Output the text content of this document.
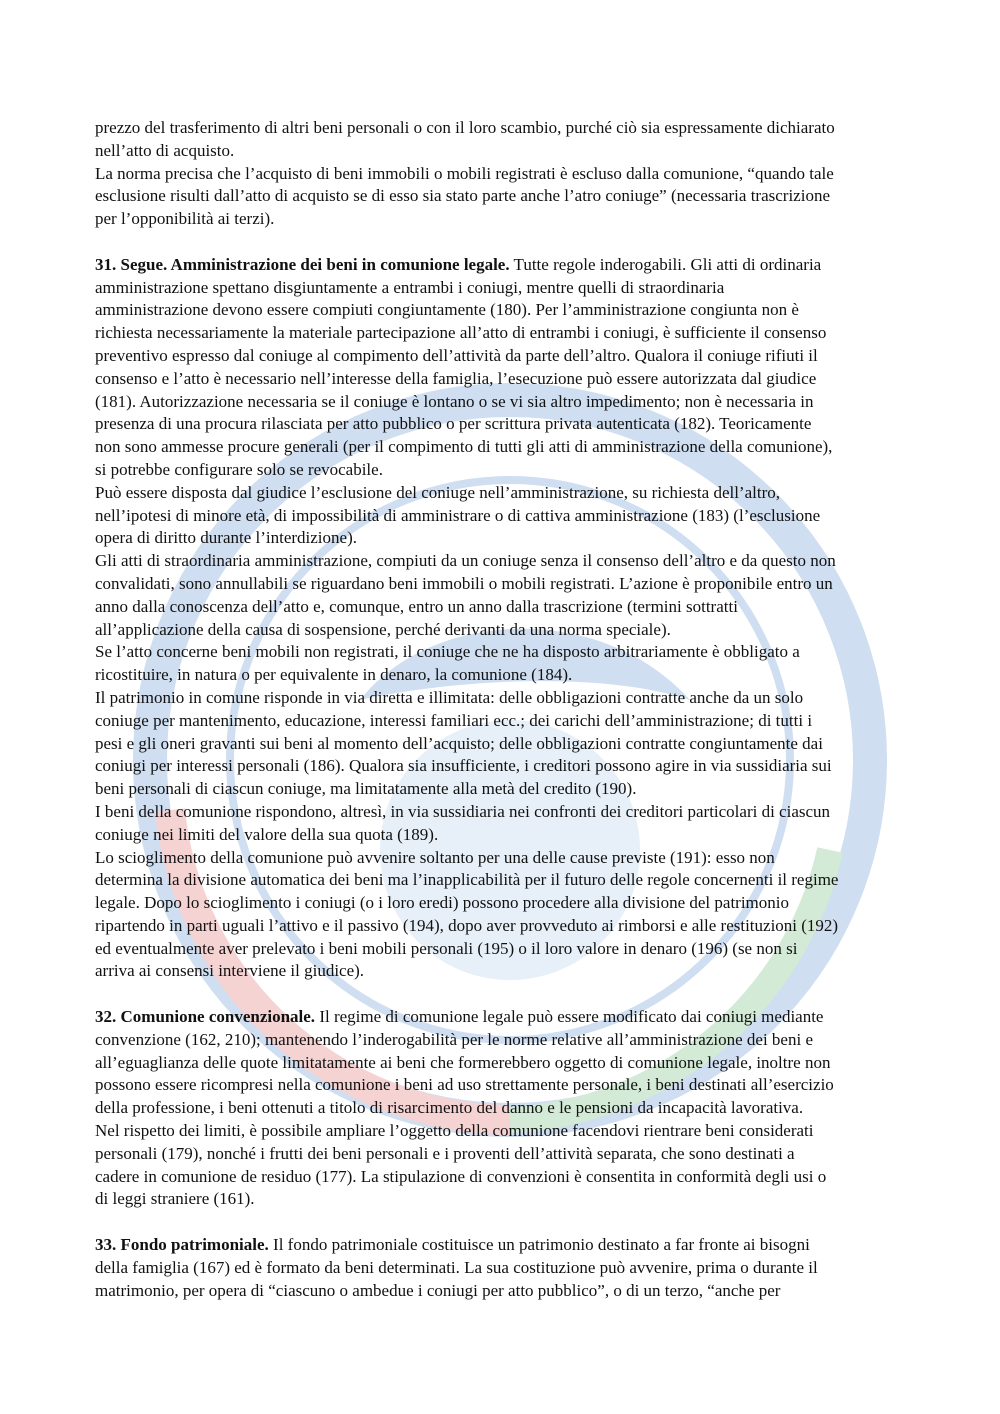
prezzo del trasferimento di altri beni personali o con il loro scambio, purché ciò sia espressamente dichiarato

nell’atto di acquisto.

La norma precisa che l’acquisto di beni immobili o mobili registrati è escluso dalla comunione, “quando tale

esclusione risulti dall’atto di acquisto se di esso sia stato parte anche l’atro coniuge” (necessaria trascrizione

per l’opponibilità ai terzi).

31. Segue. Amministrazione dei beni in comunione legale. Tutte regole inderogabili. Gli atti di ordinaria

amministrazione spettano disgiuntamente a entrambi i coniugi, mentre quelli di straordinaria

amministrazione devono essere compiuti congiuntamente (180). Per l’amministrazione congiunta non è

richiesta necessariamente la materiale partecipazione all’atto di entrambi i coniugi, è sufficiente il consenso

preventivo espresso dal coniuge al compimento dell’attività da parte dell’altro. Qualora il coniuge rifiuti il

consenso e l’atto è necessario nell’interesse della famiglia, l’esecuzione può essere autorizzata dal giudice

(181). Autorizzazione necessaria se il coniuge è lontano o se vi sia altro impedimento; non è necessaria in

presenza di una procura rilasciata per atto pubblico o per scrittura privata autenticata (182). Teoricamente

non sono ammesse procure generali (per il compimento di tutti gli atti di amministrazione della comunione),

si potrebbe configurare solo se revocabile.

Può essere disposta dal giudice l’esclusione del coniuge nell’amministrazione, su richiesta dell’altro,

nell’ipotesi di minore età, di impossibilità di amministrare o di cattiva amministrazione (183) (l’esclusione

opera di diritto durante l’interdizione).

Gli atti di straordinaria amministrazione, compiuti da un coniuge senza il consenso dell’altro e da questo non

convalidati, sono annullabili se riguardano beni immobili o mobili registrati. L’azione è proponibile entro un

anno dalla conoscenza dell’atto e, comunque, entro un anno dalla trascrizione (termini sottratti

all’applicazione della causa di sospensione, perché derivanti da una norma speciale).

Se l’atto concerne beni mobili non registrati, il coniuge che ne ha disposto arbitrariamente è obbligato a

ricostituire, in natura o per equivalente in denaro, la comunione (184).

Il patrimonio in comune risponde in via diretta e illimitata: delle obbligazioni contratte anche da un solo

coniuge per mantenimento, educazione, interessi familiari ecc.; dei carichi dell’amministrazione; di tutti i

pesi e gli oneri gravanti sui beni al momento dell’acquisto; delle obbligazioni contratte congiuntamente dai

coniugi per interessi personali (186). Qualora sia insufficiente, i creditori possono agire in via sussidiaria sui

beni personali di ciascun coniuge, ma limitatamente alla metà del credito (190).

I beni della comunione rispondono, altresì, in via sussidiaria nei confronti dei creditori particolari di ciascun

coniuge nei limiti del valore della sua quota (189).

Lo scioglimento della comunione può avvenire soltanto per una delle cause previste (191): esso non

determina la divisione automatica dei beni ma l’inapplicabilità per il futuro delle regole concernenti il regime

legale. Dopo lo scioglimento i coniugi (o i loro eredi) possono procedere alla divisione del patrimonio

ripartendo in parti uguali l’attivo e il passivo (194), dopo aver provveduto ai rimborsi e alle restituzioni (192)

ed eventualmente aver prelevato i beni mobili personali (195) o il loro valore in denaro (196) (se non si

arriva ai consensi interviene il giudice).

32. Comunione convenzionale. Il regime di comunione legale può essere modificato dai coniugi mediante

convenzione (162, 210); mantenendo l’inderogabilità per le norme relative all’amministrazione dei beni e

all’eguaglianza delle quote limitatamente ai beni che formerebbero oggetto di comunione legale, inoltre non

possono essere ricompresi nella comunione i beni ad uso strettamente personale, i beni destinati all’esercizio

della professione, i beni ottenuti a titolo di risarcimento del danno e le pensioni da incapacità lavorativa.

Nel rispetto dei limiti, è possibile ampliare l’oggetto della comunione facendovi rientrare beni considerati

personali (179), nonché i frutti dei beni personali e i proventi dell’attività separata, che sono destinati a

cadere in comunione de residuo (177). La stipulazione di convenzioni è consentita in conformità degli usi o

di leggi straniere (161).

33. Fondo patrimoniale. Il fondo patrimoniale costituisce un patrimonio destinato a far fronte ai bisogni

della famiglia (167) ed è formato da beni determinati. La sua costituzione può avvenire, prima o durante il

matrimonio, per opera di “ciascuno o ambedue i coniugi per atto pubblico”, o di un terzo, “anche per
